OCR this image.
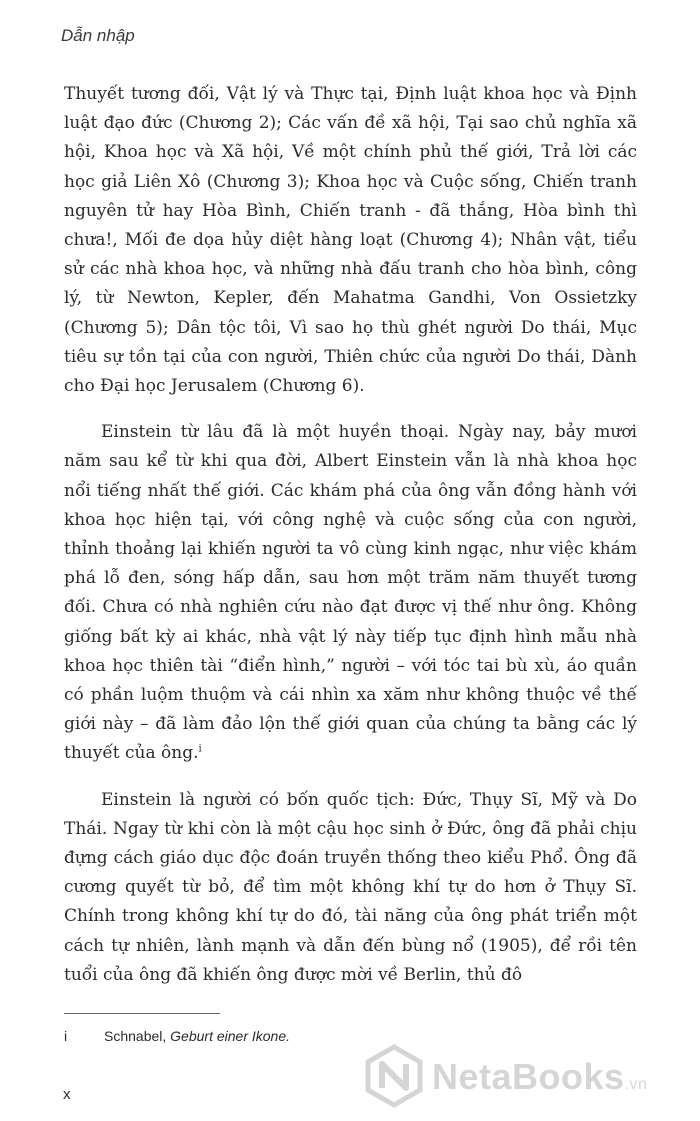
Dẫn nhập

Thuyết tương đối, Vật lý và Thực tại, Định luật khoa học và Định luật đạo đức (Chương 2); Các vấn đề xã hội, Tại sao chủ nghĩa xã hội, Khoa học và Xã hội, Về một chính phủ thế giới, Trả lời các học giả Liên Xô (Chương 3); Khoa học và Cuộc sống, Chiến tranh nguyên tử hay Hòa Bình, Chiến tranh - đã thắng, Hòa bình thì chưa!, Mối đe dọa hủy diệt hàng loạt (Chương 4); Nhân vật, tiểu sử các nhà khoa học, và những nhà đấu tranh cho hòa bình, công lý, từ Newton, Kepler, đến Mahatma Gandhi, Von Ossietzky (Chương 5); Dân tộc tôi, Vì sao họ thù ghét người Do thái, Mục tiêu sự tồn tại của con người, Thiên chức của người Do thái, Dành cho Đại học Jerusalem (Chương 6).

Einstein từ lâu đã là một huyền thoại. Ngày nay, bảy mươi năm sau kể từ khi qua đời, Albert Einstein vẫn là nhà khoa học nổi tiếng nhất thế giới. Các khám phá của ông vẫn đồng hành với khoa học hiện tại, với công nghệ và cuộc sống của con người, thỉnh thoảng lại khiến người ta vô cùng kinh ngạc, như việc khám phá lỗ đen, sóng hấp dẫn, sau hơn một trăm năm thuyết tương đối. Chưa có nhà nghiên cứu nào đạt được vị thế như ông. Không giống bất kỳ ai khác, nhà vật lý này tiếp tục định hình mẫu nhà khoa học thiên tài “điển hình,” người – với tóc tai bù xù, áo quần có phần luộm thuộm và cái nhìn xa xăm như không thuộc về thế giới này – đã làm đảo lộn thế giới quan của chúng ta bằng các lý thuyết của ông.$^i$

Einstein là người có bốn quốc tịch: Đức, Thụy Sĩ, Mỹ và Do Thái. Ngay từ khi còn là một cậu học sinh ở Đức, ông đã phải chịu đựng cách giáo dục độc đoán truyền thống theo kiểu Phổ. Ông đã cương quyết từ bỏ, để tìm một không khí tự do hơn ở Thụy Sĩ. Chính trong không khí tự do đó, tài năng của ông phát triển một cách tự nhiên, lành mạnh và dẫn đến bùng nổ (1905), để rồi tên tuổi của ông đã khiến ông được mời về Berlin, thủ đô

i	Schnabel, Geburt einer Ikone.
x	NetaBooks.vn
